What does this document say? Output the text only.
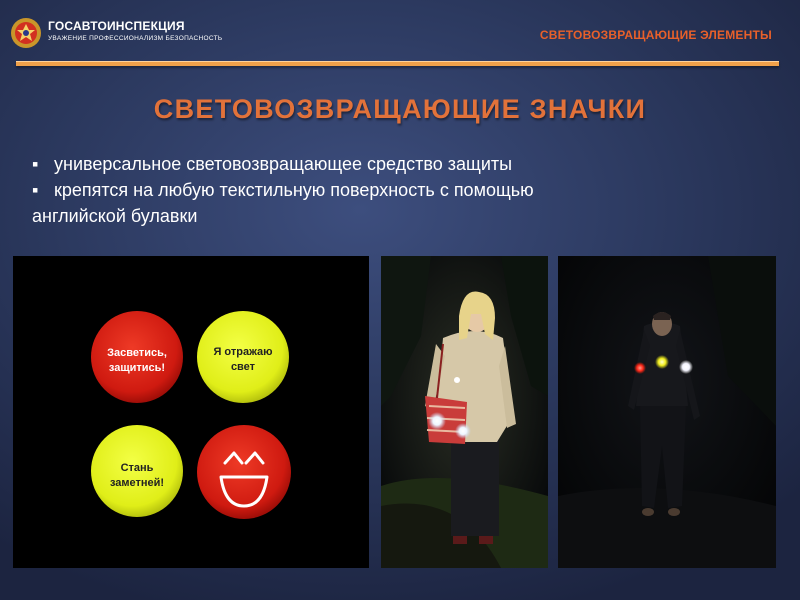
ГОСАВТОИНСПЕКЦИЯ
УВАЖЕНИЕ ПРОФЕССИОНАЛИЗМ БЕЗОПАСНОСТЬ	СВЕТОВОЗВРАЩАЮЩИЕ ЭЛЕМЕНТЫ
СВЕТОВОЗВРАЩАЮЩИЕ ЗНАЧКИ
▪ универсальное световозвращающее средство защиты
▪ крепятся на любую текстильную поверхность с помощью
английской булавки
Засветись,
защитись!
Я отражаю
свет
Стань
заметней!
